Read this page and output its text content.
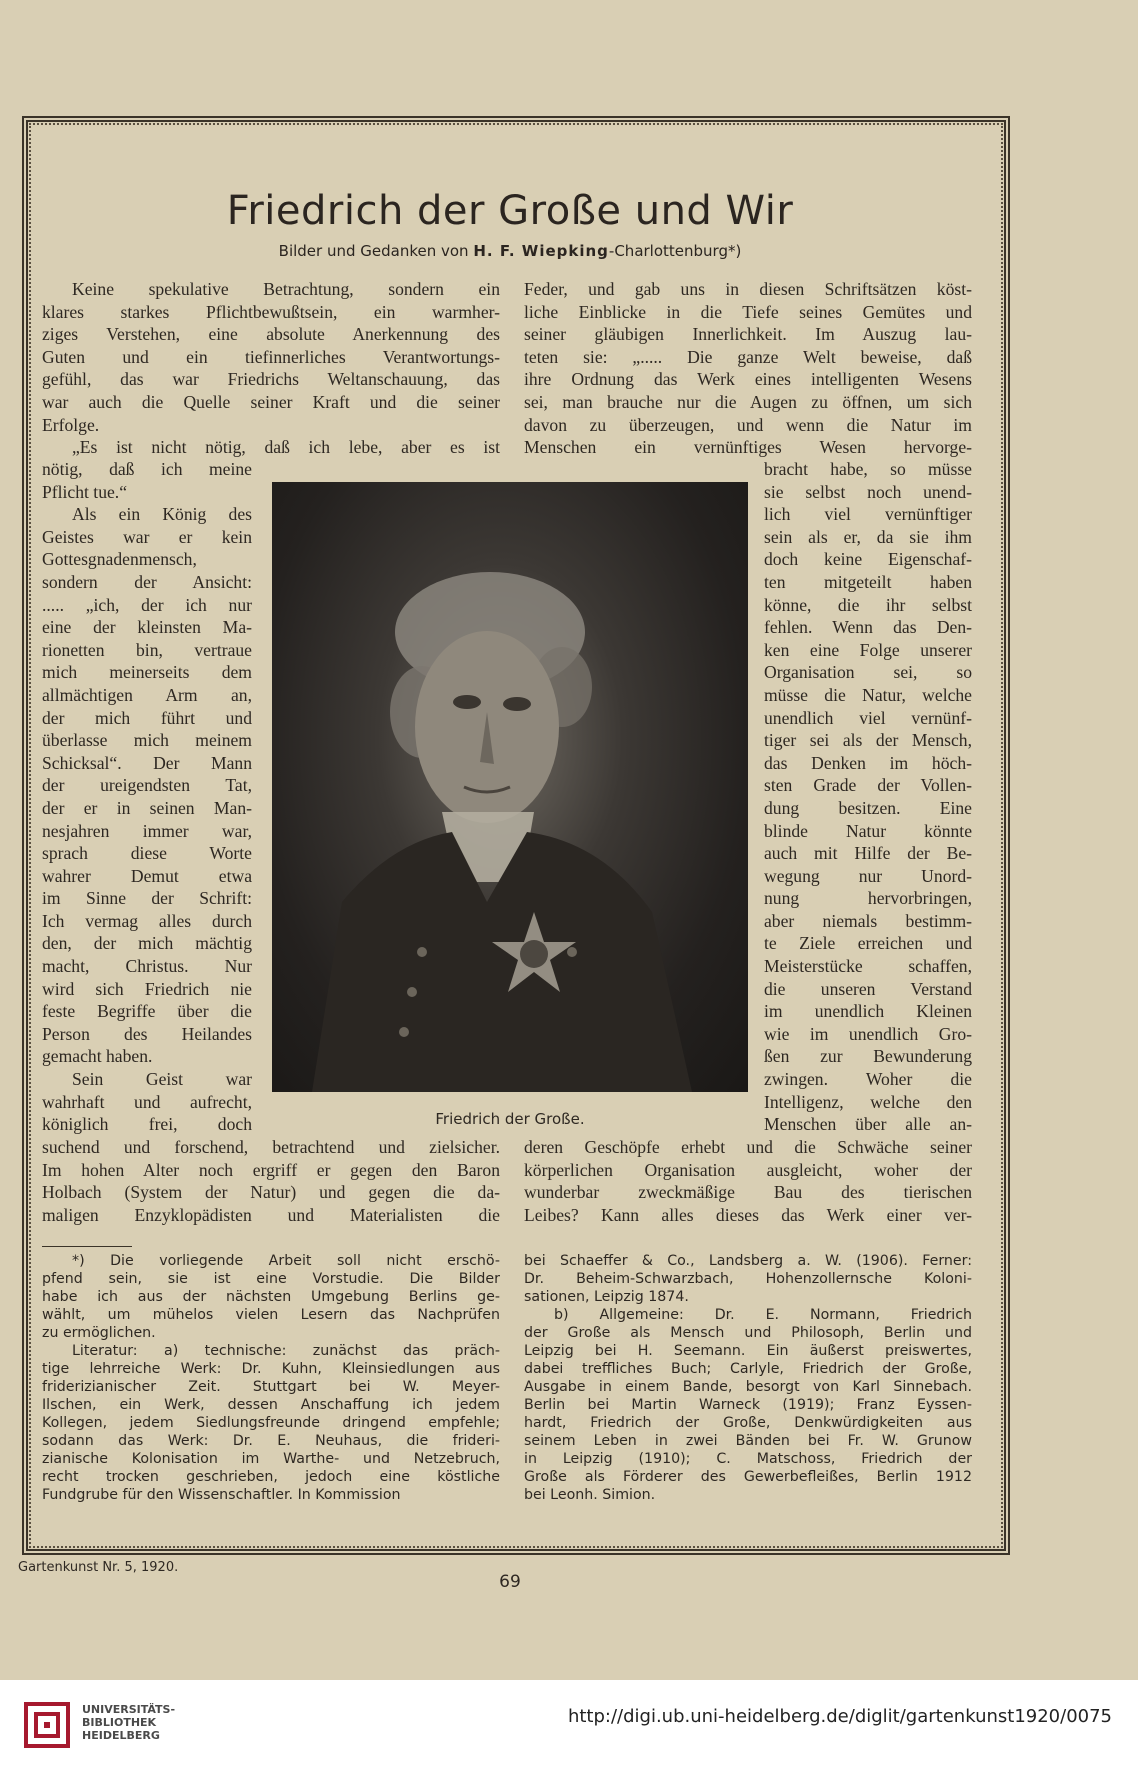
Friedrich der Große und Wir
Bilder und Gedanken von H. F. Wiepking-Charlottenburg*)
Keine spekulative Betrachtung, sondern ein
klares starkes Pflichtbewußtsein, ein warmher-
ziges Verstehen, eine absolute Anerkennung des
Guten und ein tiefinnerliches Verantwortungs-
gefühl, das war Friedrichs Weltanschauung, das
war auch die Quelle seiner Kraft und die seiner
Erfolge.
„Es ist nicht nötig, daß ich lebe, aber es ist
nötig, daß ich meine
Pflicht tue.“
Als ein König des
Geistes war er kein
Gottesgnadenmensch,
sondern der Ansicht:
..... „ich, der ich nur
eine der kleinsten Ma-
rionetten bin, vertraue
mich meinerseits dem
allmächtigen Arm an,
der mich führt und
überlasse mich meinem
Schicksal“. Der Mann
der ureigendsten Tat,
der er in seinen Man-
nesjahren immer war,
sprach diese Worte
wahrer Demut etwa
im Sinne der Schrift:
Ich vermag alles durch
den, der mich mächtig
macht, Christus. Nur
wird sich Friedrich nie
feste Begriffe über die
Person des Heilandes
gemacht haben.
Sein Geist war
wahrhaft und aufrecht,
königlich frei, doch
suchend und forschend, betrachtend und zielsicher.
Im hohen Alter noch ergriff er gegen den Baron
Holbach (System der Natur) und gegen die da-
maligen Enzyklopädisten und Materialisten die
Feder, und gab uns in diesen Schriftsätzen köst-
liche Einblicke in die Tiefe seines Gemütes und
seiner gläubigen Innerlichkeit. Im Auszug lau-
teten sie: „..... Die ganze Welt beweise, daß
ihre Ordnung das Werk eines intelligenten Wesens
sei, man brauche nur die Augen zu öffnen, um sich
davon zu überzeugen, und wenn die Natur im
Menschen ein vernünftiges Wesen hervorge-
bracht habe, so müsse
sie selbst noch unend-
lich viel vernünftiger
sein als er, da sie ihm
doch keine Eigenschaf-
ten mitgeteilt haben
könne, die ihr selbst
fehlen. Wenn das Den-
ken eine Folge unserer
Organisation sei, so
müsse die Natur, welche
unendlich viel vernünf-
tiger sei als der Mensch,
das Denken im höch-
sten Grade der Vollen-
dung besitzen. Eine
blinde Natur könnte
auch mit Hilfe der Be-
wegung nur Unord-
nung hervorbringen,
aber niemals bestimm-
te Ziele erreichen und
Meisterstücke schaffen,
die unseren Verstand
im unendlich Kleinen
wie im unendlich Gro-
ßen zur Bewunderung
zwingen. Woher die
Intelligenz, welche den
Menschen über alle an-
deren Geschöpfe erhebt und die Schwäche seiner
körperlichen Organisation ausgleicht, woher der
wunderbar zweckmäßige Bau des tierischen
Leibes? Kann alles dieses das Werk einer ver-
Friedrich der Große.
*) Die vorliegende Arbeit soll nicht erschö-
pfend sein, sie ist eine Vorstudie. Die Bilder
habe ich aus der nächsten Umgebung Berlins ge-
wählt, um mühelos vielen Lesern das Nachprüfen
zu ermöglichen.
Literatur: a) technische: zunächst das präch-
tige lehrreiche Werk: Dr. Kuhn, Kleinsiedlungen aus
friderizianischer Zeit. Stuttgart bei W. Meyer-
Ilschen, ein Werk, dessen Anschaffung ich jedem
Kollegen, jedem Siedlungsfreunde dringend empfehle;
sodann das Werk: Dr. E. Neuhaus, die frideri-
zianische Kolonisation im Warthe- und Netzebruch,
recht trocken geschrieben, jedoch eine köstliche
Fundgrube für den Wissenschaftler. In Kommission
bei Schaeffer & Co., Landsberg a. W. (1906). Ferner:
Dr. Beheim-Schwarzbach, Hohenzollernsche Koloni-
sationen, Leipzig 1874.
b) Allgemeine: Dr. E. Normann, Friedrich
der Große als Mensch und Philosoph, Berlin und
Leipzig bei H. Seemann. Ein äußerst preiswertes,
dabei treffliches Buch; Carlyle, Friedrich der Große,
Ausgabe in einem Bande, besorgt von Karl Sinnebach.
Berlin bei Martin Warneck (1919); Franz Eyssen-
hardt, Friedrich der Große, Denkwürdigkeiten aus
seinem Leben in zwei Bänden bei Fr. W. Grunow
in Leipzig (1910); C. Matschoss, Friedrich der
Große als Förderer des Gewerbefleißes, Berlin 1912
bei Leonh. Simion.
Gartenkunst Nr. 5, 1920.
69
UNIVERSITÄTS-
BIBLIOTHEK
HEIDELBERG
http://digi.ub.uni-heidelberg.de/diglit/gartenkunst1920/0075
